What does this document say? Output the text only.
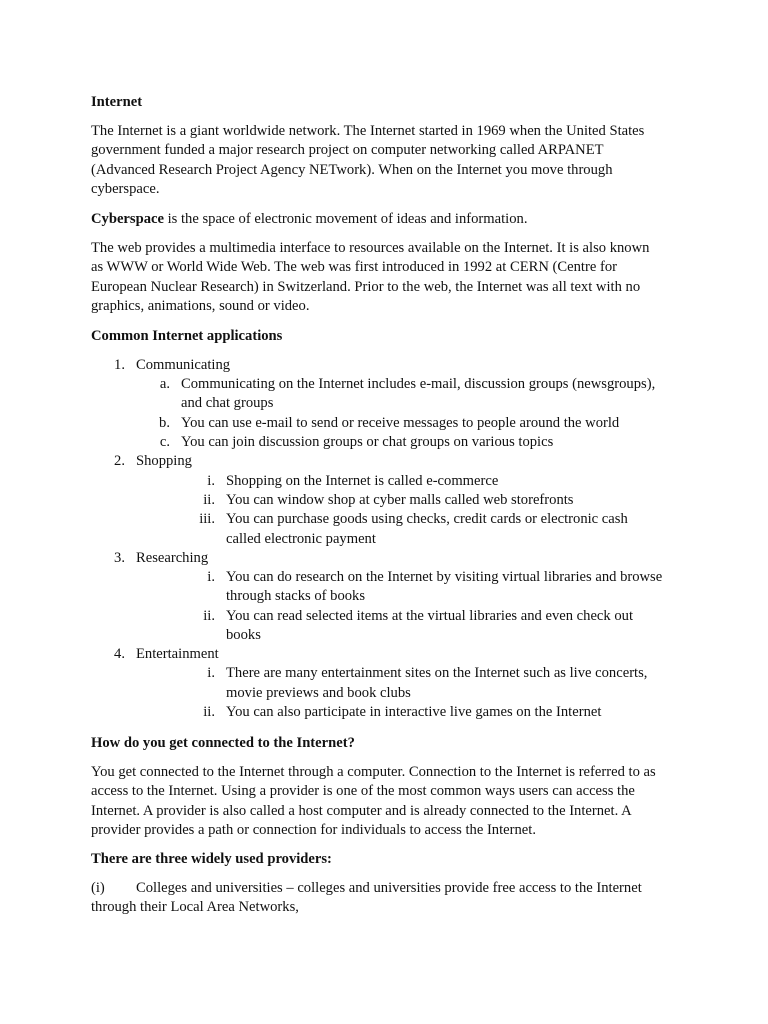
Internet
The Internet is a giant worldwide network. The Internet started in 1969 when the United States
government funded a major research project on computer networking called ARPANET
(Advanced Research Project Agency NETwork). When on the Internet you move through
cyberspace.
Cyberspace is the space of electronic movement of ideas and information.
The web provides a multimedia interface to resources available on the Internet. It is also known
as WWW or World Wide Web. The web was first introduced in 1992 at CERN (Centre for
European Nuclear Research) in Switzerland. Prior to the web, the Internet was all text with no
graphics, animations, sound or video.
Common Internet applications
1. Communicating
a. Communicating on the Internet includes e-mail, discussion groups (newsgroups),
and chat groups
b. You can use e-mail to send or receive messages to people around the world
c. You can join discussion groups or chat groups on various topics
2. Shopping
i. Shopping on the Internet is called e-commerce
ii. You can window shop at cyber malls called web storefronts
iii. You can purchase goods using checks, credit cards or electronic cash
called electronic payment
3. Researching
i. You can do research on the Internet by visiting virtual libraries and browse
through stacks of books
ii. You can read selected items at the virtual libraries and even check out
books
4. Entertainment
i. There are many entertainment sites on the Internet such as live concerts,
movie previews and book clubs
ii. You can also participate in interactive live games on the Internet
How do you get connected to the Internet?
You get connected to the Internet through a computer. Connection to the Internet is referred to as
access to the Internet. Using a provider is one of the most common ways users can access the
Internet. A provider is also called a host computer and is already connected to the Internet. A
provider provides a path or connection for individuals to access the Internet.
There are three widely used providers:
(i) Colleges and universities – colleges and universities provide free access to the Internet
through their Local Area Networks,
